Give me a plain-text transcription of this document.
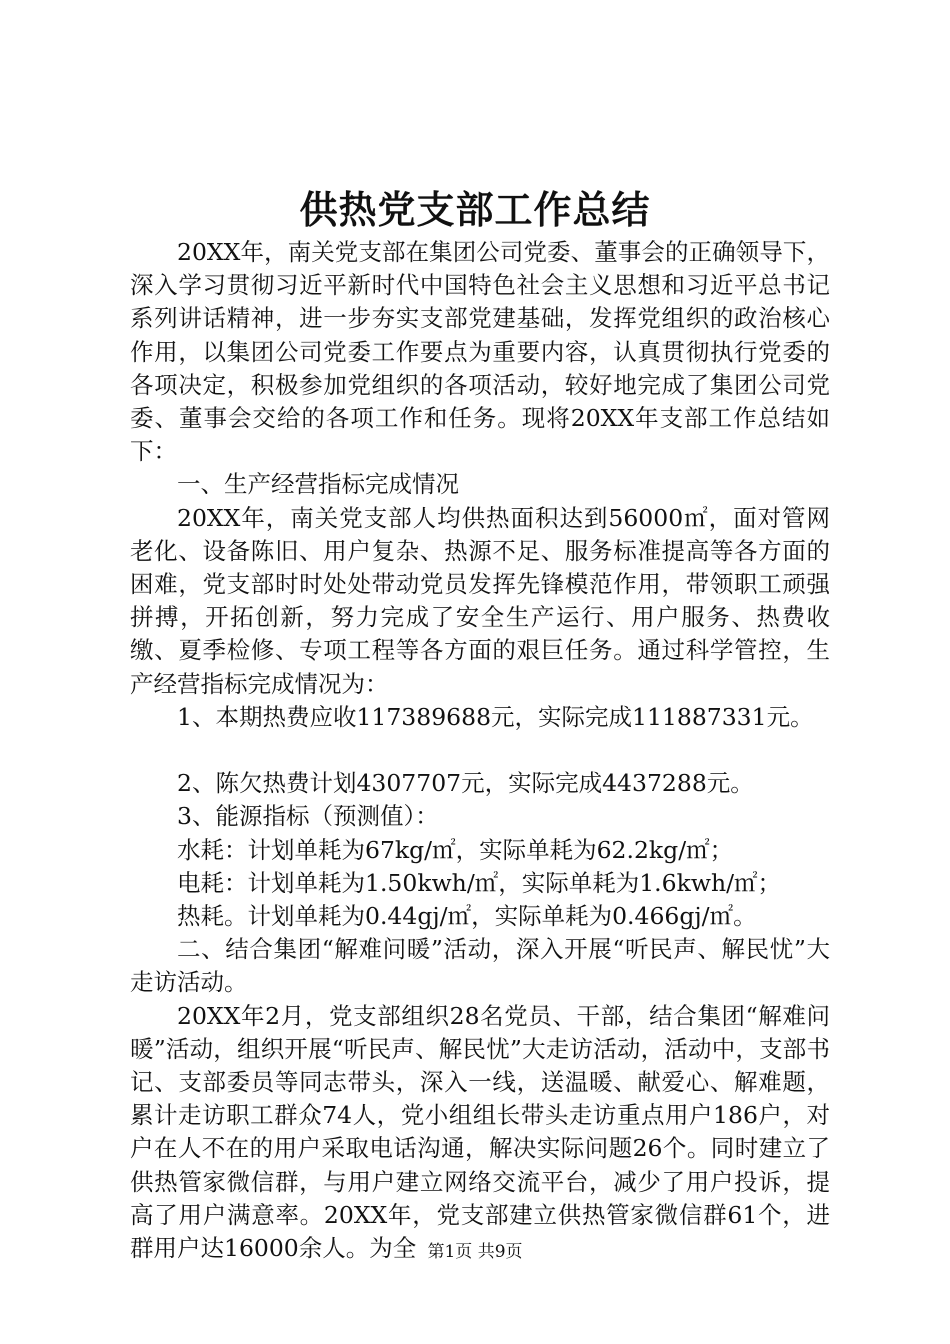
供热党支部工作总结

20XX年，南关党支部在集团公司党委、董事会的正确领导下，深入学习贯彻习近平新时代中国特色社会主义思想和习近平总书记系列讲话精神，进一步夯实支部党建基础，发挥党组织的政治核心作用，以集团公司党委工作要点为重要内容，认真贯彻执行党委的各项决定，积极参加党组织的各项活动，较好地完成了集团公司党委、董事会交给的各项工作和任务。现将20XX年支部工作总结如下：

一、生产经营指标完成情况

20XX年，南关党支部人均供热面积达到56000㎡，面对管网老化、设备陈旧、用户复杂、热源不足、服务标准提高等各方面的困难，党支部时时处处带动党员发挥先锋模范作用，带领职工顽强拼搏，开拓创新，努力完成了安全生产运行、用户服务、热费收缴、夏季检修、专项工程等各方面的艰巨任务。通过科学管控，生产经营指标完成情况为：

1、本期热费应收117389688元，实际完成111887331元。

2、陈欠热费计划4307707元，实际完成4437288元。

3、能源指标（预测值）：

水耗：计划单耗为67kg/㎡，实际单耗为62.2kg/㎡；

电耗：计划单耗为1.50kwh/㎡，实际单耗为1.6kwh/㎡；

热耗。计划单耗为0.44gj/㎡，实际单耗为0.466gj/㎡。

二、结合集团“解难问暖”活动，深入开展“听民声、解民忧”大走访活动。

20XX年2月，党支部组织28名党员、干部，结合集团“解难问暖”活动，组织开展“听民声、解民忧”大走访活动，活动中，支部书记、支部委员等同志带头，深入一线，送温暖、献爱心、解难题，累计走访职工群众74人，党小组组长带头走访重点用户186户，对户在人不在的用户采取电话沟通，解决实际问题26个。同时建立了供热管家微信群，与用户建立网络交流平台，减少了用户投诉，提高了用户满意率。20XX年，党支部建立供热管家微信群61个，进群用户达16000余人。为全 第1页 共9页
